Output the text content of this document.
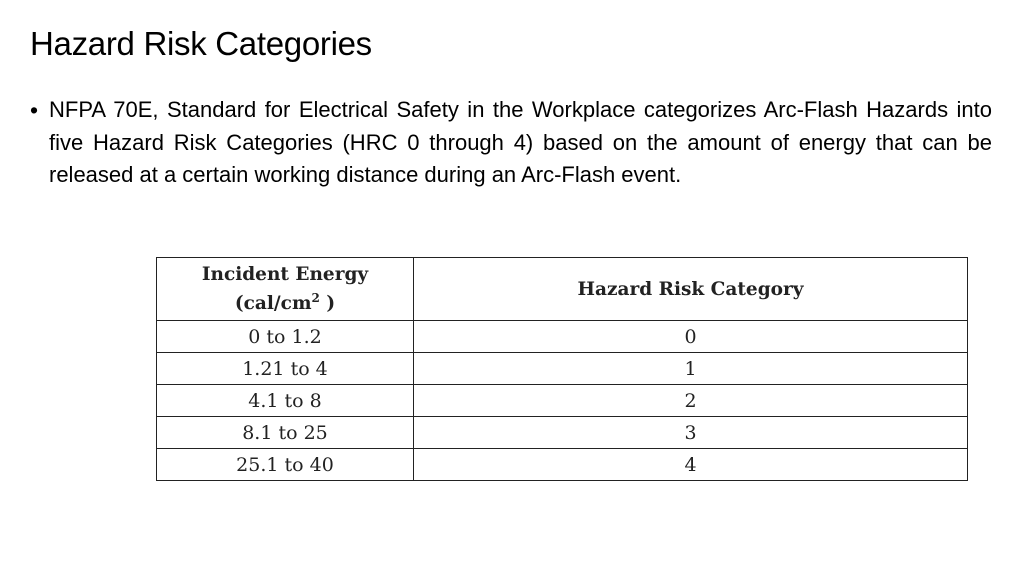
Hazard Risk Categories
• NFPA 70E, Standard for Electrical Safety in the Workplace categorizes Arc-Flash Hazards into five Hazard Risk Categories (HRC 0 through 4) based on the amount of energy that can be released at a certain working distance during an Arc-Flash event.
Incident Energy
($cal/cm^2$ )	Hazard Risk Category
0 to 1.2	0
1.21 to 4	1
4.1 to 8	2
8.1 to 25	3
25.1 to 40	4
